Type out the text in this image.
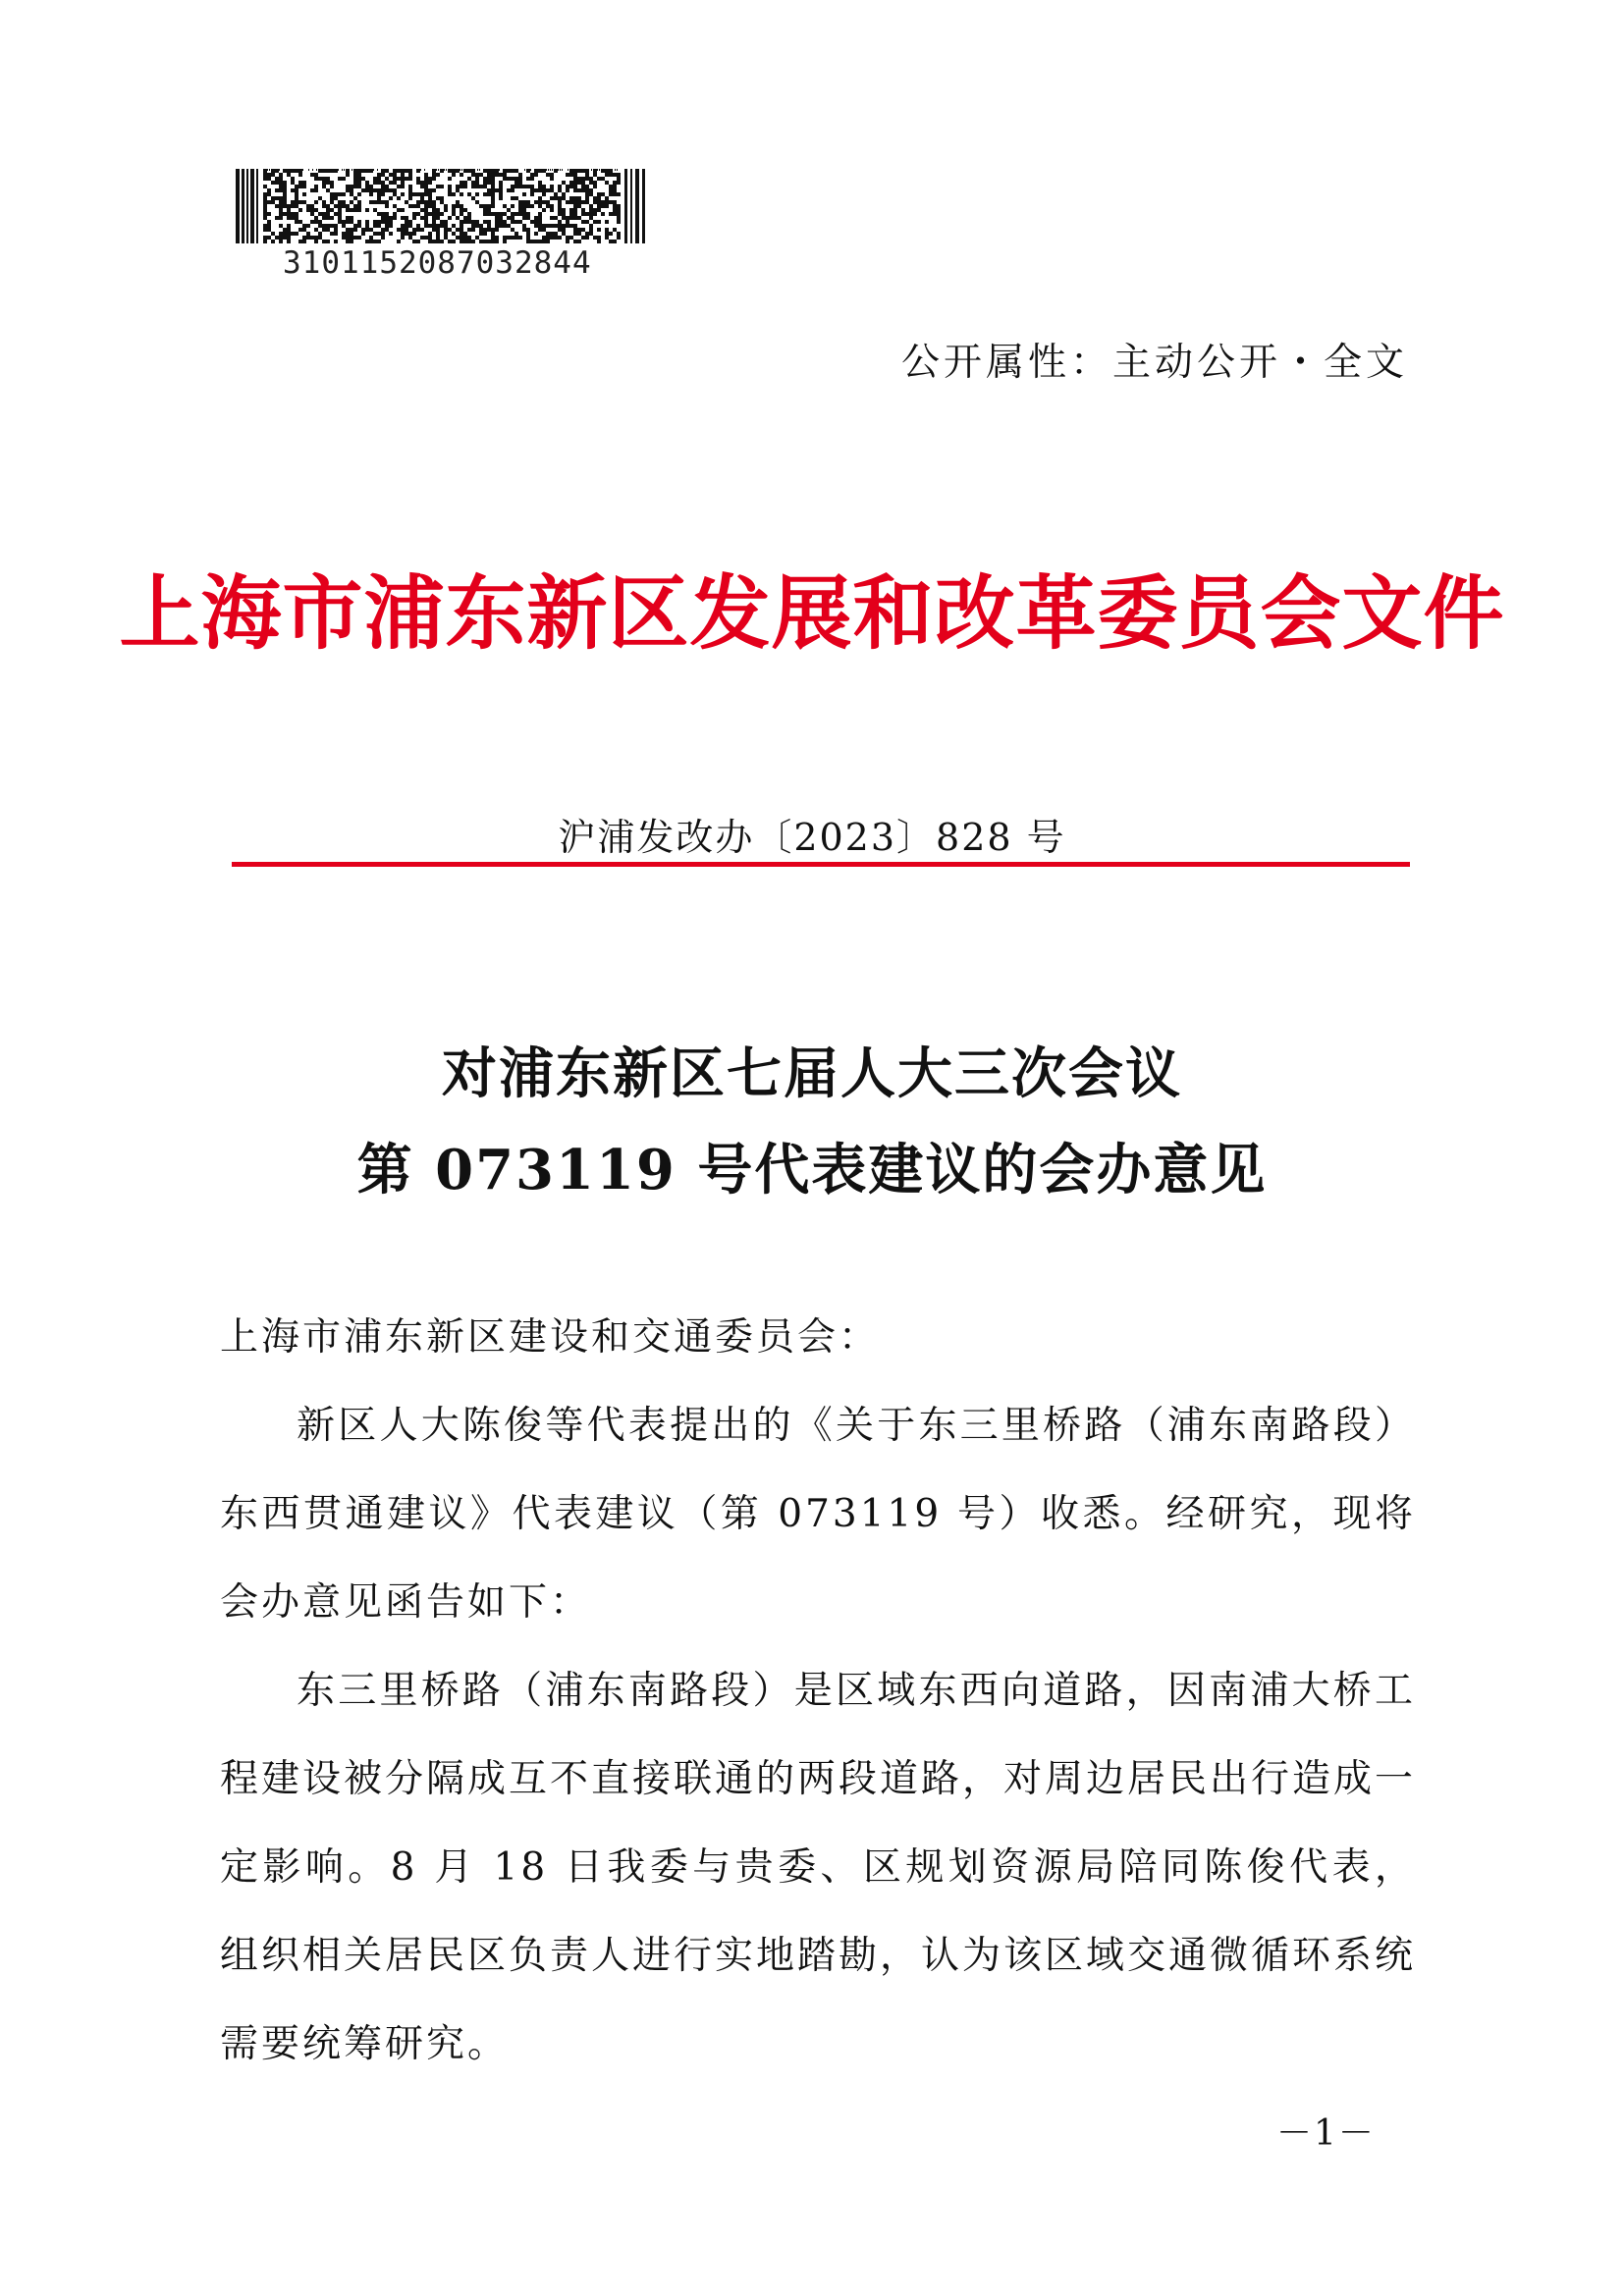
3101152087032844
公开属性：主动公开・全文
上海市浦东新区发展和改革委员会文件
沪浦发改办〔2023〕828 号
对浦东新区七届人大三次会议
第 073119 号代表建议的会办意见

上海市浦东新区建设和交通委员会：

新区人大陈俊等代表提出的《关于东三里桥路（浦东南路段）东西贯通建议》代表建议（第 073119 号）收悉。经研究，现将会办意见函告如下：

东三里桥路（浦东南路段）是区域东西向道路，因南浦大桥工程建设被分隔成互不直接联通的两段道路，对周边居民出行造成一定影响。8 月 18 日我委与贵委、区规划资源局陪同陈俊代表，组织相关居民区负责人进行实地踏勘，认为该区域交通微循环系统需要统筹研究。

－1－
